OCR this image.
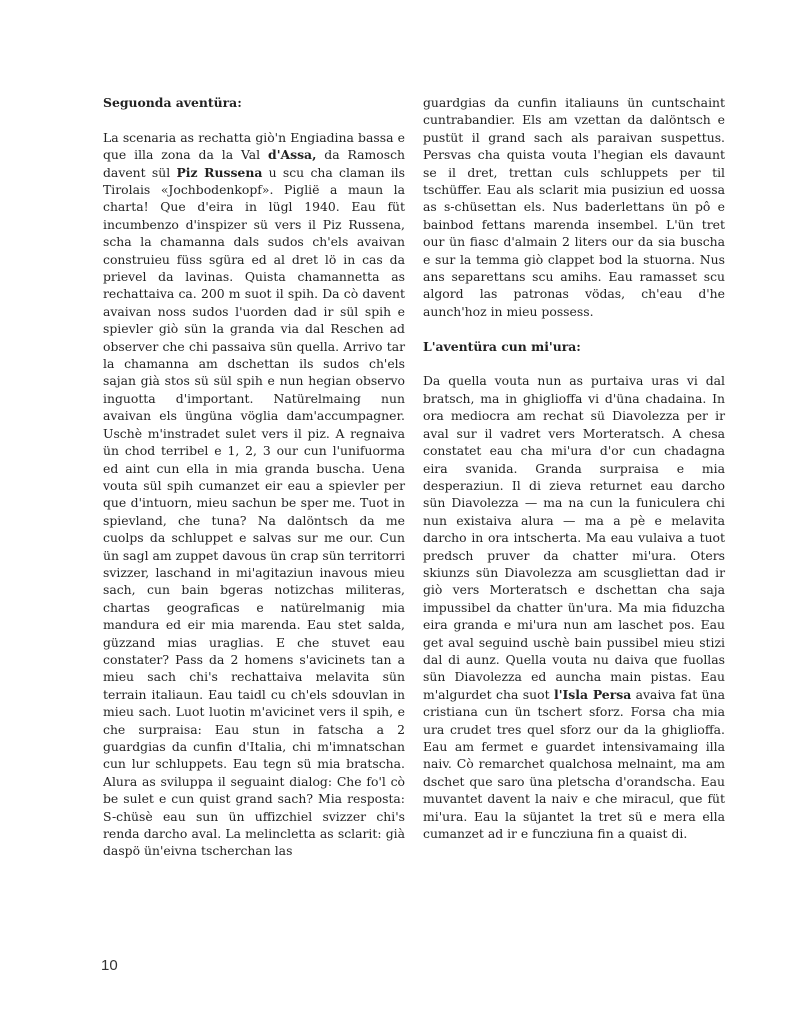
Seguonda aventüra:
La scenaria as rechatta giò'n Engiadina bassa e que illa zona da la Val d'Assa, da Ramosch davent sül Piz Russena u scu cha claman ils Tirolais «Jochbodenkopf». Piglië a maun la charta! Que d'eira in lügl 1940. Eau füt incumbenzo d'inspizer sü vers il Piz Russena, scha la chamanna dals sudos ch'els avaivan construieu füss sgüra ed al dret lö in cas da prievel da lavinas. Quista chamannetta as rechattaiva ca. 200 m suot il spih. Da cò davent avaivan noss sudos l'uorden dad ir sül spih e spievler giò sün la granda via dal Reschen ad observer che chi passaiva sün quella. Arrivo tar la chamanna am dschettan ils sudos ch'els sajan già stos sü sül spih e nun hegian observo inguotta d'important. Natürelmaing nun avaivan els üngüna vöglia dam'accumpagner. Uschè m'instradet sulet vers il piz. A regnaiva ün chod terribel e 1, 2, 3 our cun l'unifuorma ed aint cun ella in mia granda buscha. Uena vouta sül spih cumanzet eir eau a spievler per que d'intuorn, mieu sachun be sper me. Tuot in spievland, che tuna? Na dalöntsch da me cuolps da schluppet e salvas sur me our. Cun ün sagl am zuppet davous ün crap sün territorri svizzer, laschand in mi'agitaziun inavous mieu sach, cun bain bgeras notizchas militeras, chartas geograficas e natürelmanig mia mandura ed eir mia marenda. Eau stet salda, güzzand mias uraglias. E che stuvet eau constater? Pass da 2 homens s'avicinets tan a mieu sach chi's rechattaiva melavita sün terrain italiaun. Eau taidl cu ch'els sdouvlan in mieu sach. Luot luotin m'avicinet vers il spih, e che surpraisa: Eau stun in fatscha a 2 guardgias da cunfin d'Italia, chi m'imnatschan cun lur schluppets. Eau tegn sü mia bratscha. Alura as sviluppa il seguaint dialog: Che fo'l cò be sulet e cun quist grand sach? Mia resposta: S-chüsè eau sun ün uffizchiel svizzer chi's renda darcho aval. La melincletta as sclarit: già daspö ün'eivna tscherchan las
guardgias da cunfin italiauns ün cuntschaint cuntrabandier. Els am vzettan da dalöntsch e pustüt il grand sach als paraivan suspettus. Persvas cha quista vouta l'hegian els davaunt se il dret, trettan culs schluppets per til tschüffer. Eau als sclarit mia pusiziun ed uossa as s-chüsettan els. Nus baderlettans ün pô e bainbod fettans marenda insembel. L'ün tret our ün fiasc d'almain 2 liters our da sia buscha e sur la temma giò clappet bod la stuorna. Nus ans separettans scu amihs. Eau ramasset scu algord las patronas vödas, ch'eau d'he aunch'hoz in mieu possess.
L'aventüra cun mi'ura:
Da quella vouta nun as purtaiva uras vi dal bratsch, ma in ghiglioffa vi d'üna chadaina. In ora mediocra am rechat sü Diavolezza per ir aval sur il vadret vers Morteratsch. A chesa constatet eau cha mi'ura d'or cun chadagna eira svanida. Granda surpraisa e mia desperaziun. Il di zieva returnet eau darcho sün Diavolezza — ma na cun la funiculera chi nun existaiva alura — ma a pè e melavita darcho in ora intscherta. Ma eau vulaiva a tuot predsch pruver da chatter mi'ura. Oters skiunzs sün Diavolezza am scusgliettan dad ir giò vers Morteratsch e dschettan cha saja impussibel da chatter ün'ura. Ma mia fiduzcha eira granda e mi'ura nun am laschet pos. Eau get aval seguind uschè bain pussibel mieu stizi dal di aunz. Quella vouta nu daiva que fuollas sün Diavolezza ed auncha main pistas. Eau m'algurdet cha suot l'Isla Persa avaiva fat üna cristiana cun ün tschert sforz. Forsa cha mia ura crudet tres quel sforz our da la ghiglioffa. Eau am fermet e guardet intensivamaing illa naiv. Cò remarchet qualchosa melnaint, ma am dschet que saro üna pletscha d'orandscha. Eau muvantet davent la naiv e che miracul, que füt mi'ura. Eau la süjantet la tret sü e mera ella cumanzet ad ir e funcziuna fin a quaist di.
10
